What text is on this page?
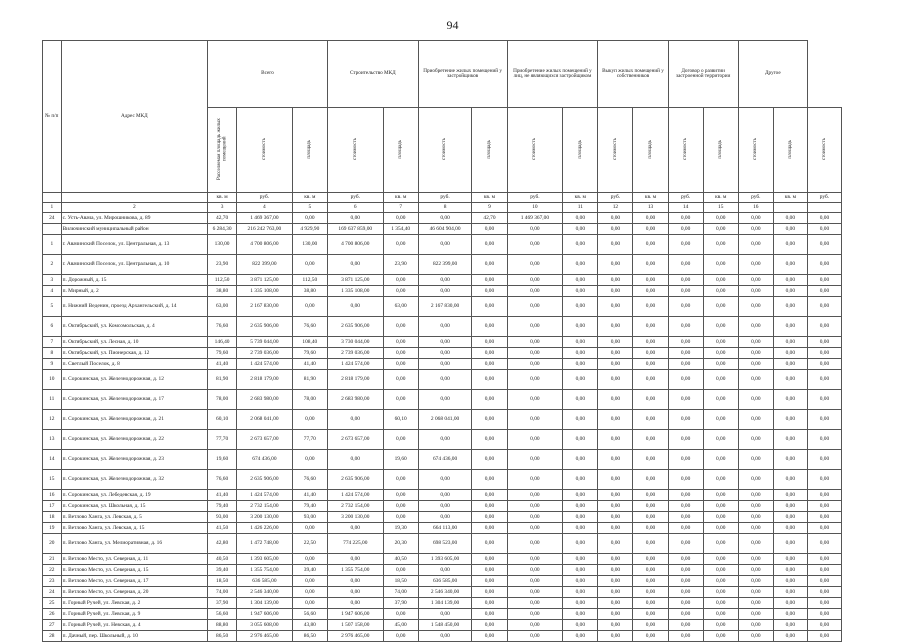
94
№ п/п	Адрес МКД	Всего			Строительство МКД		Приобретение жилых помещений у застройщиков		Приобретение жилых помещений у лиц, не являющихся застройщиком		Выкуп жилых помещений у собственников		Договор о развитии застроенной территории		Другое		
		Расселяемая площадь жилых помещений	стоимость	площадь	стоимость	площадь	стоимость	площадь	стоимость	площадь	стоимость	площадь	стоимость	площадь	стоимость	площадь	стоимость
		кв. м	руб.	кв. м	руб.	кв. м	руб.	кв. м	руб.	кв. м	руб.	кв. м	руб.	кв. м	руб.	кв. м	руб.
1	2	3	4	5	6	7	8	9	10	11	12	13	14	15	16		
24	с. Усть-Авача, ул. Мирошникова, д. 89	42,70	1 469 367,00	0,00	0,00	0,00	0,00	42,70	1 469 367,00	0,00	0,00	0,00	0,00	0,00	0,00	0,00	0,00
	Вилючинский муниципальный район	6 284,30	216 242 763,00	4 929,90	169 637 859,00	1 354,40	46 604 904,00	0,00	0,00	0,00	0,00	0,00	0,00	0,00	0,00	0,00	0,00
1	г. Авачинский Поселок, ул. Центральная, д. 13	130,00	4 700 806,00	130,00	4 700 806,00	0,00	0,00	0,00	0,00	0,00	0,00	0,00	0,00	0,00	0,00	0,00	0,00
2	г. Авачинский Поселок, ул. Центральная, д. 10	23,90	822 399,00	0,00	0,00	23,90	822 399,00	0,00	0,00	0,00	0,00	0,00	0,00	0,00	0,00	0,00	0,00
3	п. Дорожный, д. 15	112,50	3 871 125,00	112,50	3 871 125,00	0,00	0,00	0,00	0,00	0,00	0,00	0,00	0,00	0,00	0,00	0,00	0,00
4	п. Мирный, д. 2	38,80	1 335 108,00	38,80	1 335 108,00	0,00	0,00	0,00	0,00	0,00	0,00	0,00	0,00	0,00	0,00	0,00	0,00
5	п. Нижний Веденин, проезд Архангельский, д. 14	63,00	2 167 830,00	0,00	0,00	63,00	2 167 830,00	0,00	0,00	0,00	0,00	0,00	0,00	0,00	0,00	0,00	0,00
6	п. Октябрьский, ул. Комсомольская, д. 4	76,60	2 635 906,00	76,60	2 635 906,00	0,00	0,00	0,00	0,00	0,00	0,00	0,00	0,00	0,00	0,00	0,00	0,00
7	п. Октябрьский, ул. Лесная, д. 10	146,40	5 739 044,00	108,40	3 730 044,00	0,00	0,00	0,00	0,00	0,00	0,00	0,00	0,00	0,00	0,00	0,00	0,00
8	п. Октябрьский, ул. Пионерская, д. 12	79,60	2 739 036,00	79,60	2 739 036,00	0,00	0,00	0,00	0,00	0,00	0,00	0,00	0,00	0,00	0,00	0,00	0,00
9	п. Светлый Поселок, д. 8	41,40	1 424 574,00	41,40	1 424 574,00	0,00	0,00	0,00	0,00	0,00	0,00	0,00	0,00	0,00	0,00	0,00	0,00
10	п. Сорокинская, ул. Железнодорожная, д. 12	81,90	2 818 179,00	81,90	2 818 179,00	0,00	0,00	0,00	0,00	0,00	0,00	0,00	0,00	0,00	0,00	0,00	0,00
11	п. Сорокинская, ул. Железнодорожная, д. 17	78,00	2 683 980,00	78,00	2 683 980,00	0,00	0,00	0,00	0,00	0,00	0,00	0,00	0,00	0,00	0,00	0,00	0,00
12	п. Сорокинская, ул. Железнодорожная, д. 21	60,10	2 068 041,00	0,00	0,00	60,10	2 068 041,00	0,00	0,00	0,00	0,00	0,00	0,00	0,00	0,00	0,00	0,00
13	п. Сорокинская, ул. Железнодорожная, д. 22	77,70	2 673 657,00	77,70	2 673 657,00	0,00	0,00	0,00	0,00	0,00	0,00	0,00	0,00	0,00	0,00	0,00	0,00
14	п. Сорокинская, ул. Железнодорожная, д. 23	19,60	674 436,00	0,00	0,00	19,60	674 436,00	0,00	0,00	0,00	0,00	0,00	0,00	0,00	0,00	0,00	0,00
15	п. Сорокинская, ул. Железнодорожная, д. 32	76,60	2 635 906,00	76,60	2 635 906,00	0,00	0,00	0,00	0,00	0,00	0,00	0,00	0,00	0,00	0,00	0,00	0,00
16	п. Сорокинская, ул. Лебедевская, д. 19	41,40	1 424 574,00	41,40	1 424 574,00	0,00	0,00	0,00	0,00	0,00	0,00	0,00	0,00	0,00	0,00	0,00	0,00
17	п. Сорокинская, ул. Школьная, д. 15	79,40	2 732 154,00	79,40	2 732 154,00	0,00	0,00	0,00	0,00	0,00	0,00	0,00	0,00	0,00	0,00	0,00	0,00
18	п. Ветлово Ханга, ул. Левская, д. 5	93,00	3 200 130,00	93,00	3 200 130,00	0,00	0,00	0,00	0,00	0,00	0,00	0,00	0,00	0,00	0,00	0,00	0,00
19	п. Ветлово Ханга, ул. Левская, д. 15	41,50	1 426 226,00	0,00	0,00	19,30	664 113,00	0,00	0,00	0,00	0,00	0,00	0,00	0,00	0,00	0,00	0,00
20	п. Ветлово Ханга, ул. Мелиоративная, д. 16	42,80	1 472 748,00	22,50	774 225,00	20,30	698 523,00	0,00	0,00	0,00	0,00	0,00	0,00	0,00	0,00	0,00	0,00
21	п. Ветлово Место, ул. Северная, д. 11	40,50	1 393 605,00	0,00	0,00	40,50	1 393 605,00	0,00	0,00	0,00	0,00	0,00	0,00	0,00	0,00	0,00	0,00
22	п. Ветлово Место, ул. Северная, д. 15	39,40	1 355 754,00	39,40	1 355 754,00	0,00	0,00	0,00	0,00	0,00	0,00	0,00	0,00	0,00	0,00	0,00	0,00
23	п. Ветлово Место, ул. Северная, д. 17	18,50	636 585,00	0,00	0,00	18,50	636 585,00	0,00	0,00	0,00	0,00	0,00	0,00	0,00	0,00	0,00	0,00
24	п. Ветлово Место, ул. Северная, д. 20	74,00	2 546 340,00	0,00	0,00	74,00	2 546 340,00	0,00	0,00	0,00	0,00	0,00	0,00	0,00	0,00	0,00	0,00
25	п. Горный Ручей, ул. Левская, д. 2	37,90	1 304 139,00	0,00	0,00	37,90	1 304 139,00	0,00	0,00	0,00	0,00	0,00	0,00	0,00	0,00	0,00	0,00
26	п. Горный Ручей, ул. Левская, д. 9	56,60	1 947 606,00	56,60	1 947 606,00	0,00	0,00	0,00	0,00	0,00	0,00	0,00	0,00	0,00	0,00	0,00	0,00
27	п. Горный Ручей, ул. Невская, д. 4	88,80	3 055 608,00	43,80	1 507 158,00	45,00	1 548 450,00	0,00	0,00	0,00	0,00	0,00	0,00	0,00	0,00	0,00	0,00
28	п. Дачный, пер. Школьный, д. 10	86,50	2 976 465,00	86,50	2 976 465,00	0,00	0,00	0,00	0,00	0,00	0,00	0,00	0,00	0,00	0,00	0,00	0,00
